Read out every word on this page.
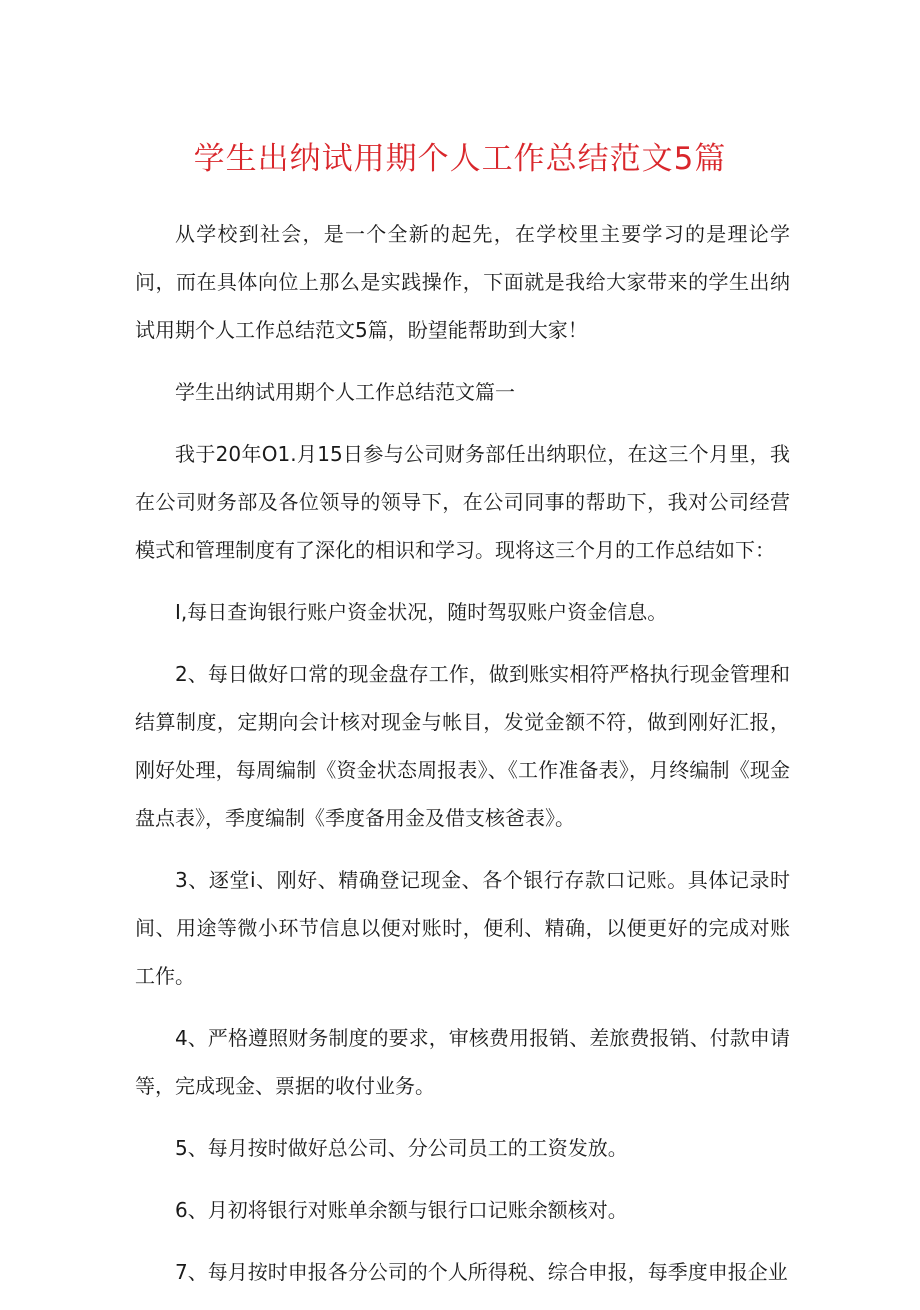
学生出纳试用期个人工作总结范文5篇

从学校到社会，是一个全新的起先，在学校里主要学习的是理论学问，而在具体向位上那么是实践操作，下面就是我给大家带来的学生出纳试用期个人工作总结范文5篇，盼望能帮助到大家！

学生出纳试用期个人工作总结范文篇一

我于20年O1.月15日参与公司财务部任出纳职位，在这三个月里，我在公司财务部及各位领导的领导下，在公司同事的帮助下，我对公司经营模式和管理制度有了深化的相识和学习。现将这三个月的工作总结如下：

I,每日查询银行账户资金状况，随时驾驭账户资金信息。

2、每日做好口常的现金盘存工作，做到账实相符严格执行现金管理和结算制度，定期向会计核对现金与帐目，发觉金额不符，做到刚好汇报，刚好处理，每周编制《资金状态周报表》、《工作准备表》，月终编制《现金盘点表》，季度编制《季度备用金及借支核爸表》。

3、逐堂i、刚好、精确登记现金、各个银行存款口记账。具体记录时间、用途等微小环节信息以便对账时，便利、精确，以便更好的完成对账工作。

4、严格遵照财务制度的要求，审核费用报销、差旅费报销、付款申请等，完成现金、票据的收付业务。

5、每月按时做好总公司、分公司员工的工资发放。

6、月初将银行对账单余额与银行口记账余额核对。

7、每月按时申报各分公司的个人所得税、综合申报，每季度申报企业
